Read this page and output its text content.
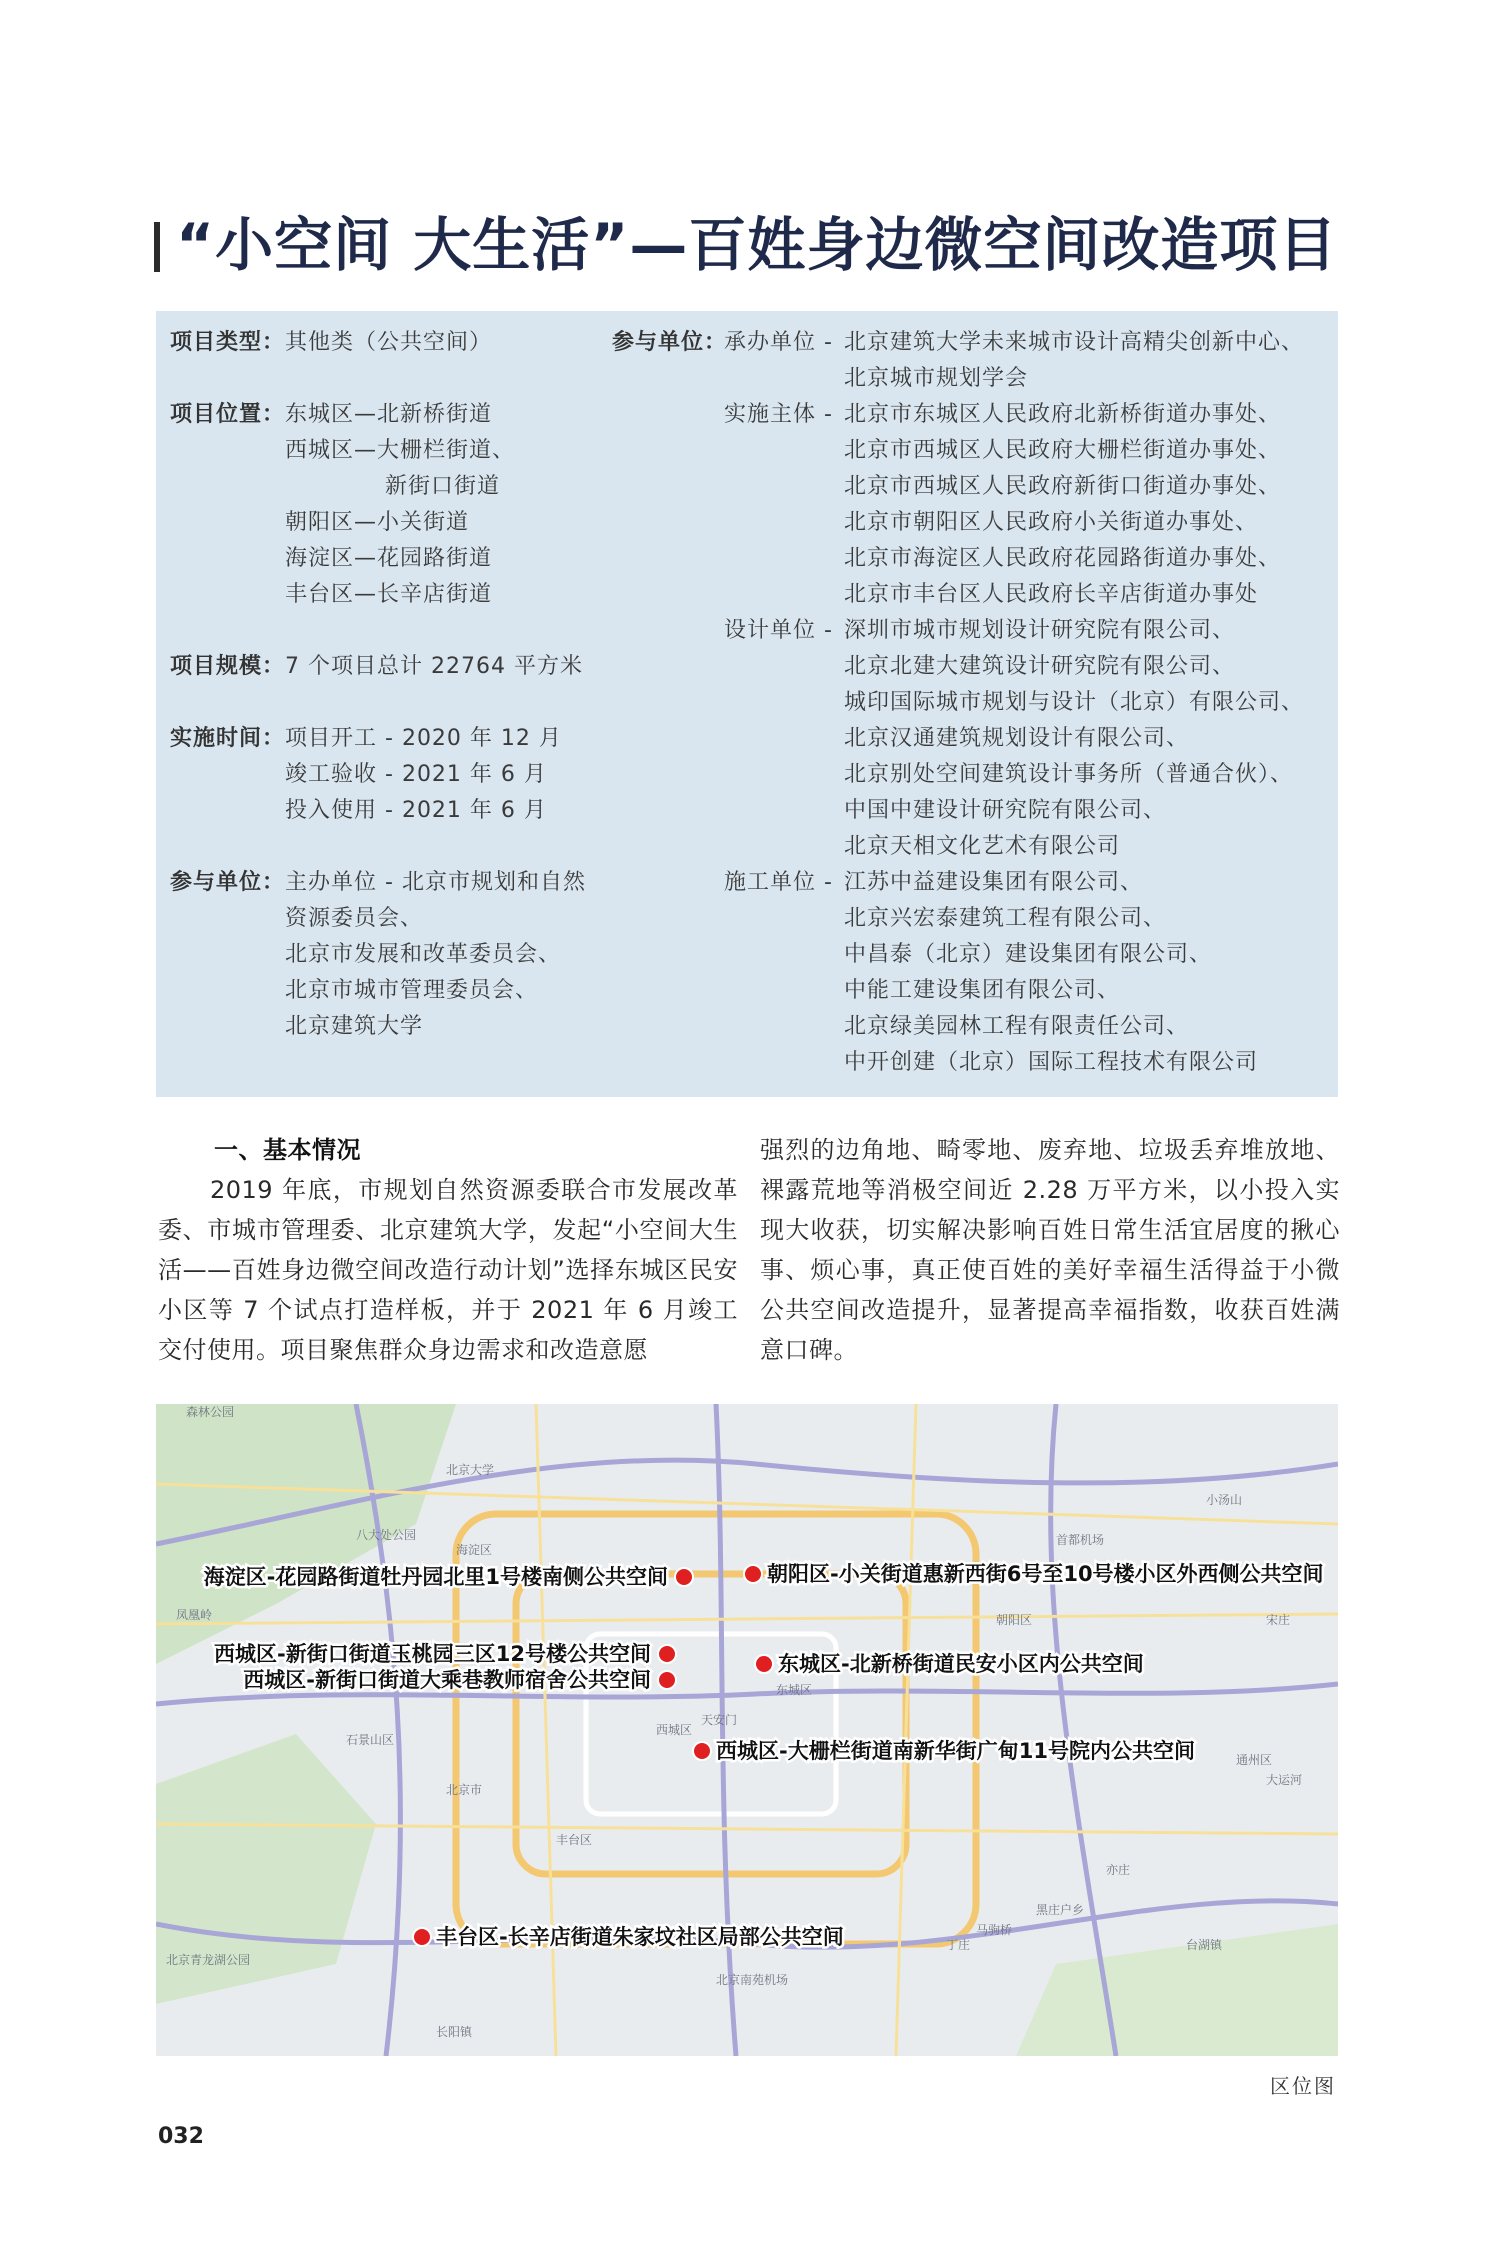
“小空间 大生活”—百姓身边微空间改造项目
项目类型： 其他类（公共空间）
项目位置： 东城区—北新桥街道
西城区—大栅栏街道、
新街口街道
朝阳区—小关街道
海淀区—花园路街道
丰台区—长辛店街道
项目规模： 7 个项目总计 22764 平方米
实施时间： 项目开工 - 2020 年 12 月
竣工验收 - 2021 年 6 月
投入使用 - 2021 年 6 月
参与单位： 主办单位 - 北京市规划和自然
资源委员会、
北京市发展和改革委员会、
北京市城市管理委员会、
北京建筑大学
参与单位：
承办单位 - 北京建筑大学未来城市设计高精尖创新中心、
北京城市规划学会
实施主体 - 北京市东城区人民政府北新桥街道办事处、
北京市西城区人民政府大栅栏街道办事处、
北京市西城区人民政府新街口街道办事处、
北京市朝阳区人民政府小关街道办事处、
北京市海淀区人民政府花园路街道办事处、
北京市丰台区人民政府长辛店街道办事处
设计单位 - 深圳市城市规划设计研究院有限公司、
北京北建大建筑设计研究院有限公司、
城印国际城市规划与设计（北京）有限公司、
北京汉通建筑规划设计有限公司、
北京别处空间建筑设计事务所（普通合伙）、
中国中建设计研究院有限公司、
北京天相文化艺术有限公司
施工单位 - 江苏中益建设集团有限公司、
北京兴宏泰建筑工程有限公司、
中昌泰（北京）建设集团有限公司、
中能工建设集团有限公司、
北京绿美园林工程有限责任公司、
中开创建（北京）国际工程技术有限公司
一、基本情况
2019 年底，市规划自然资源委联合市发展改革委、市城市管理委、北京建筑大学，发起“小空间大生活——百姓身边微空间改造行动计划”选择东城区民安小区等 7 个试点打造样板，并于 2021 年 6 月竣工交付使用。项目聚焦群众身边需求和改造意愿
森林公园
北京大学
八大处公园
凤凰岭
天安门
东城区
西城区
海淀区
石景山区
北京市
朝阳区
丰台区
北京南苑机场
长阳镇
亦庄
马驹桥
通州区
北京青龙湖公园
台湖镇
黑庄户乡
丁庄
大运河
宋庄
小汤山
首都机场
海淀区-花园路街道牡丹园北里1号楼南侧公共空间	朝阳区-小关街道惠新西街6号至10号楼小区外西侧公共空间
西城区-新街口街道玉桃园三区12号楼公共空间	东城区-北新桥街道民安小区内公共空间
西城区-新街口街道大乘巷教师宿舍公共空间
西城区-大栅栏街道南新华街广甸11号院内公共空间
丰台区-长辛店街道朱家坟社区局部公共空间
区位图
032
强烈的边角地、畸零地、废弃地、垃圾丢弃堆放地、裸露荒地等消极空间近 2.28 万平方米，以小投入实现大收获，切实解决影响百姓日常生活宜居度的揪心事、烦心事，真正使百姓的美好幸福生活得益于小微公共空间改造提升，显著提高幸福指数，收获百姓满意口碑。
